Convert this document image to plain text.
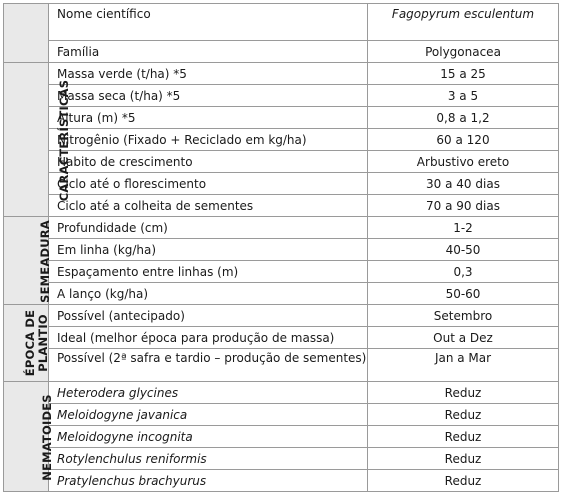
	Nome científico	Fagopyrum esculentum
	Família	Polygonacea
CARACTERÍSTICAS	Massa verde (t/ha) *5	15 a 25
	Massa seca (t/ha) *5	3 a 5
	Altura (m) *5	0,8 a 1,2
	Nitrogênio (Fixado + Reciclado em kg/ha)	60 a 120
	Habito de crescimento	Arbustivo ereto
	Ciclo até o florescimento	30 a 40 dias
	Ciclo até a colheita de sementes	70 a 90 dias
SEMEADURA	Profundidade (cm)	1-2
	Em linha (kg/ha)	40-50
	Espaçamento entre linhas (m)	0,3
	A lanço (kg/ha)	50-60
ÉPOCA DE
PLANTIO	Possível (antecipado)	Setembro
	Ideal (melhor época para produção de massa)	Out a Dez
	Possível (2ª safra e tardio – produção de sementes)	Jan a Mar
NEMATOIDES	Heterodera glycines	Reduz
	Meloidogyne javanica	Reduz
	Meloidogyne incognita	Reduz
	Rotylenchulus reniformis	Reduz
	Pratylenchus brachyurus	Reduz
